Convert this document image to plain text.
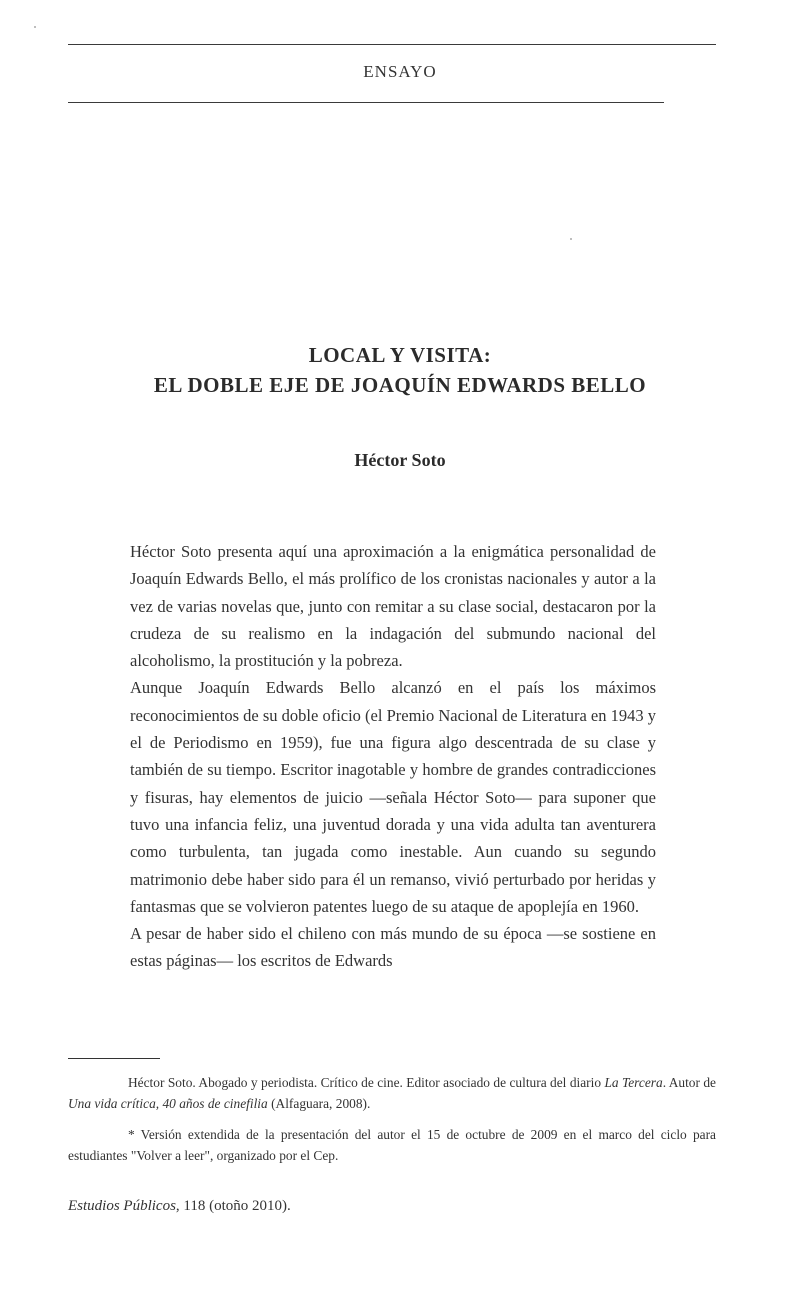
ENSAYO
LOCAL Y VISITA:
EL DOBLE EJE DE JOAQUÍN EDWARDS BELLO
Héctor Soto

Héctor Soto presenta aquí una aproximación a la enigmática personalidad de Joaquín Edwards Bello, el más prolífico de los cronistas nacionales y autor a la vez de varias novelas que, junto con remitar a su clase social, destacaron por la crudeza de su realismo en la indagación del submundo nacional del alcoholismo, la prostitución y la pobreza.

Aunque Joaquín Edwards Bello alcanzó en el país los máximos reconocimientos de su doble oficio (el Premio Nacional de Literatura en 1943 y el de Periodismo en 1959), fue una figura algo descentrada de su clase y también de su tiempo. Escritor inagotable y hombre de grandes contradicciones y fisuras, hay elementos de juicio —señala Héctor Soto— para suponer que tuvo una infancia feliz, una juventud dorada y una vida adulta tan aventurera como turbulenta, tan jugada como inestable. Aun cuando su segundo matrimonio debe haber sido para él un remanso, vivió perturbado por heridas y fantasmas que se volvieron patentes luego de su ataque de apoplejía en 1960.

A pesar de haber sido el chileno con más mundo de su época —se sostiene en estas páginas— los escritos de Edwards

Héctor Soto. Abogado y periodista. Crítico de cine. Editor asociado de cultura del diario La Tercera. Autor de Una vida crítica, 40 años de cinefilia (Alfaguara, 2008).

* Versión extendida de la presentación del autor el 15 de octubre de 2009 en el marco del ciclo para estudiantes "Volver a leer", organizado por el Cep.

Estudios Públicos, 118 (otoño 2010).
